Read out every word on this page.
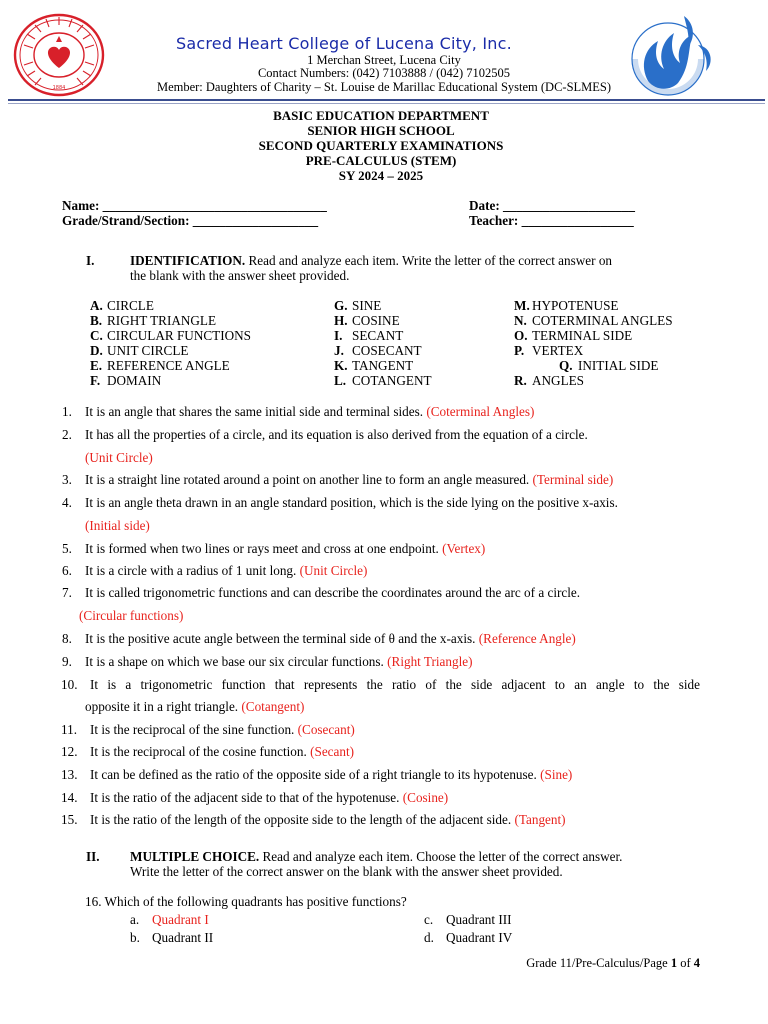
1884
Sacred Heart College of Lucena City, Inc.
1 Merchan Street, Lucena City
Contact Numbers: (042) 7103888 / (042) 7102505
Member: Daughters of Charity – St. Louise de Marillac Educational System (DC-SLMES)
BASIC EDUCATION DEPARTMENT
SENIOR HIGH SCHOOL
SECOND QUARTERLY EXAMINATIONS
PRE-CALCULUS (STEM)
SY 2024 – 2025
Name: __________________________________
Grade/Strand/Section: ___________________
Date: ____________________
Teacher: _________________
I.	IDENTIFICATION. Read and analyze each item. Write the letter of the correct answer on
the blank with the answer sheet provided.
A. CIRCLE
B. RIGHT TRIANGLE
C. CIRCULAR FUNCTIONS
D. UNIT CIRCLE
E. REFERENCE ANGLE
F. DOMAIN
G. SINE
H. COSINE
I. SECANT
J. COSECANT
K. TANGENT
L. COTANGENT
M. HYPOTENUSE
N. COTERMINAL ANGLES
O. TERMINAL SIDE
P. VERTEX
Q. INITIAL SIDE
R. ANGLES
1. It is an angle that shares the same initial side and terminal sides. (Coterminal Angles)
2. It has all the properties of a circle, and its equation is also derived from the equation of a circle.
(Unit Circle)
3. It is a straight line rotated around a point on another line to form an angle measured. (Terminal side)
4. It is an angle theta drawn in an angle standard position, which is the side lying on the positive x-axis.
(Initial side)
5. It is formed when two lines or rays meet and cross at one endpoint. (Vertex)
6. It is a circle with a radius of 1 unit long. (Unit Circle)
7. It is called trigonometric functions and can describe the coordinates around the arc of a circle.
(Circular functions)
8. It is the positive acute angle between the terminal side of θ and the x-axis. (Reference Angle)
9. It is a shape on which we base our six circular functions. (Right Triangle)
10. It is a trigonometric function that represents the ratio of the side adjacent to an angle to the side
opposite it in a right triangle. (Cotangent)
11. It is the reciprocal of the sine function. (Cosecant)
12. It is the reciprocal of the cosine function. (Secant)
13. It can be defined as the ratio of the opposite side of a right triangle to its hypotenuse. (Sine)
14. It is the ratio of the adjacent side to that of the hypotenuse. (Cosine)
15. It is the ratio of the length of the opposite side to the length of the adjacent side. (Tangent)
II. MULTIPLE CHOICE. Read and analyze each item. Choose the letter of the correct answer.
Write the letter of the correct answer on the blank with the answer sheet provided.
16. Which of the following quadrants has positive functions?
a. Quadrant I
b. Quadrant II
c. Quadrant III
d. Quadrant IV
Grade 11/Pre-Calculus/Page 1 of 4
